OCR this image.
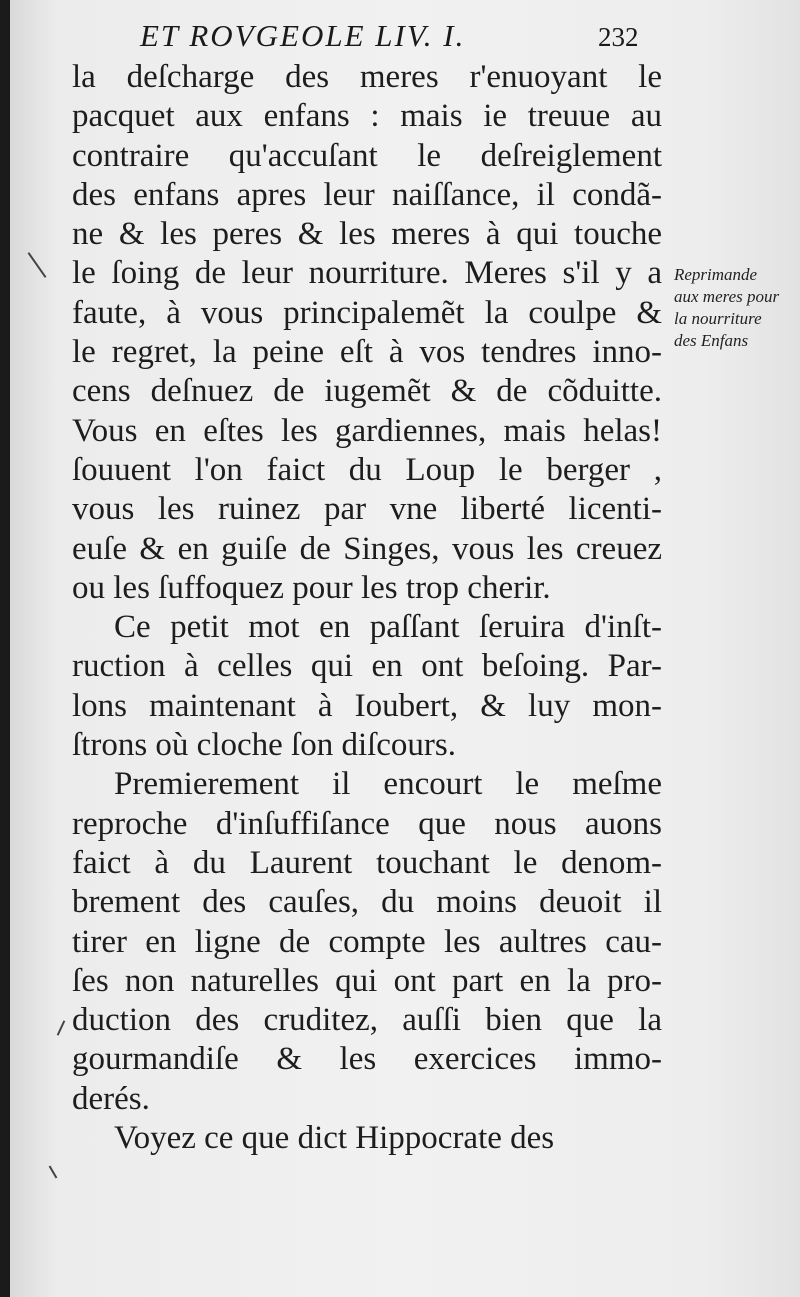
ET ROVGEOLE LIV. I.	232
la deſcharge des meres r'enuoyant le
pacquet aux enfans : mais ie treuue au
contraire qu'accuſant le deſreiglement
des enfans apres leur naiſſance, il condã-
ne & les peres & les meres à qui touche
le ſoing de leur nourriture. Meres s'il y a
faute, à vous principalemẽt la coulpe &
le regret, la peine eſt à vos tendres inno-
cens deſnuez de iugemẽt & de cõduitte.
Vous en eſtes les gardiennes, mais helas!
ſouuent l'on faict du Loup le berger ,
vous les ruinez par vne liberté licenti-
euſe & en guiſe de Singes, vous les creuez
ou les ſuffoquez pour les trop cherir.
Ce petit mot en paſſant ſeruira d'inſt-
ruction à celles qui en ont beſoing. Par-
lons maintenant à Ioubert, & luy mon-
ſtrons où cloche ſon diſcours.
Premierement il encourt le meſme
reproche d'inſuffiſance que nous auons
faict à du Laurent touchant le denom-
brement des cauſes, du moins deuoit il
tirer en ligne de compte les aultres cau-
ſes non naturelles qui ont part en la pro-
duction des cruditez, auſſi bien que la
gourmandiſe & les exercices immo-
derés.
Voyez ce que dict Hippocrate des
Reprimande
aux meres pour
la nourriture
des Enfans
